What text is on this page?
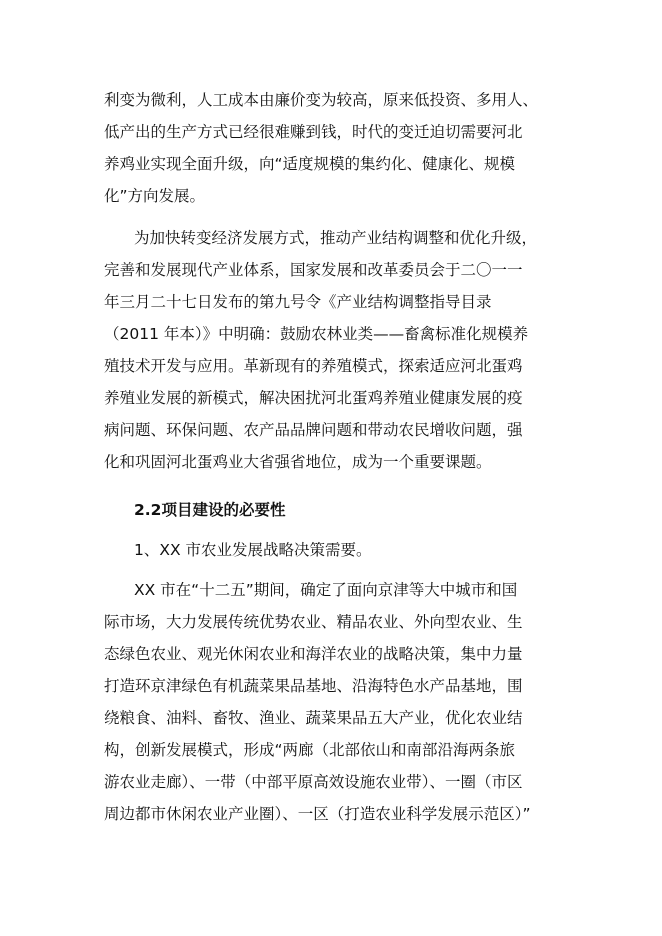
利变为微利，人工成本由廉价变为较高，原来低投资、多用人、
低产出的生产方式已经很难赚到钱，时代的变迁迫切需要河北
养鸡业实现全面升级，向“适度规模的集约化、健康化、规模
化”方向发展。
为加快转变经济发展方式，推动产业结构调整和优化升级，
完善和发展现代产业体系，国家发展和改革委员会于二〇一一
年三月二十七日发布的第九号令《产业结构调整指导目录
（2011 年本）》中明确：鼓励农林业类——畜禽标准化规模养
殖技术开发与应用。革新现有的养殖模式，探索适应河北蛋鸡
养殖业发展的新模式，解决困扰河北蛋鸡养殖业健康发展的疫
病问题、环保问题、农产品品牌问题和带动农民增收问题，强
化和巩固河北蛋鸡业大省强省地位，成为一个重要课题。
2.2项目建设的必要性
1、XX 市农业发展战略决策需要。
XX 市在“十二五”期间，确定了面向京津等大中城市和国
际市场，大力发展传统优势农业、精品农业、外向型农业、生
态绿色农业、观光休闲农业和海洋农业的战略决策，集中力量
打造环京津绿色有机蔬菜果品基地、沿海特色水产品基地，围
绕粮食、油料、畜牧、渔业、蔬菜果品五大产业，优化农业结
构，创新发展模式，形成“两廊（北部依山和南部沿海两条旅
游农业走廊）、一带（中部平原高效设施农业带）、一圈（市区
周边都市休闲农业产业圈）、一区（打造农业科学发展示范区）”
